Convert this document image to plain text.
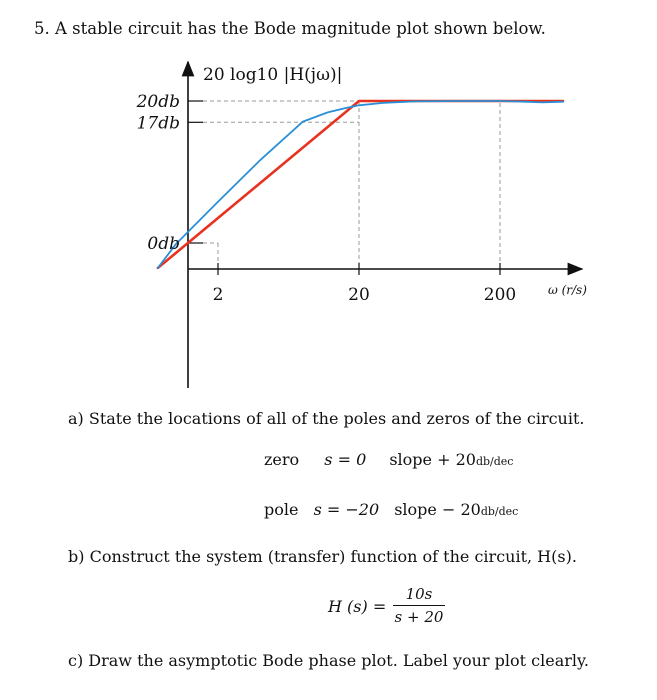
5. A stable circuit has the Bode magnitude plot shown below.
20db
17db
0db
2	20	200
20 log10 |H(jω)|
ω (r/s)
a) State the locations of all of the poles and zeros of the circuit.
zero s = 0 slope + 20db/dec
pole s = −20 slope − 20db/dec
b) Construct the system (transfer) function of the circuit, H(s).
H (s) =
10s
s + 20
c) Draw the asymptotic Bode phase plot. Label your plot clearly.
